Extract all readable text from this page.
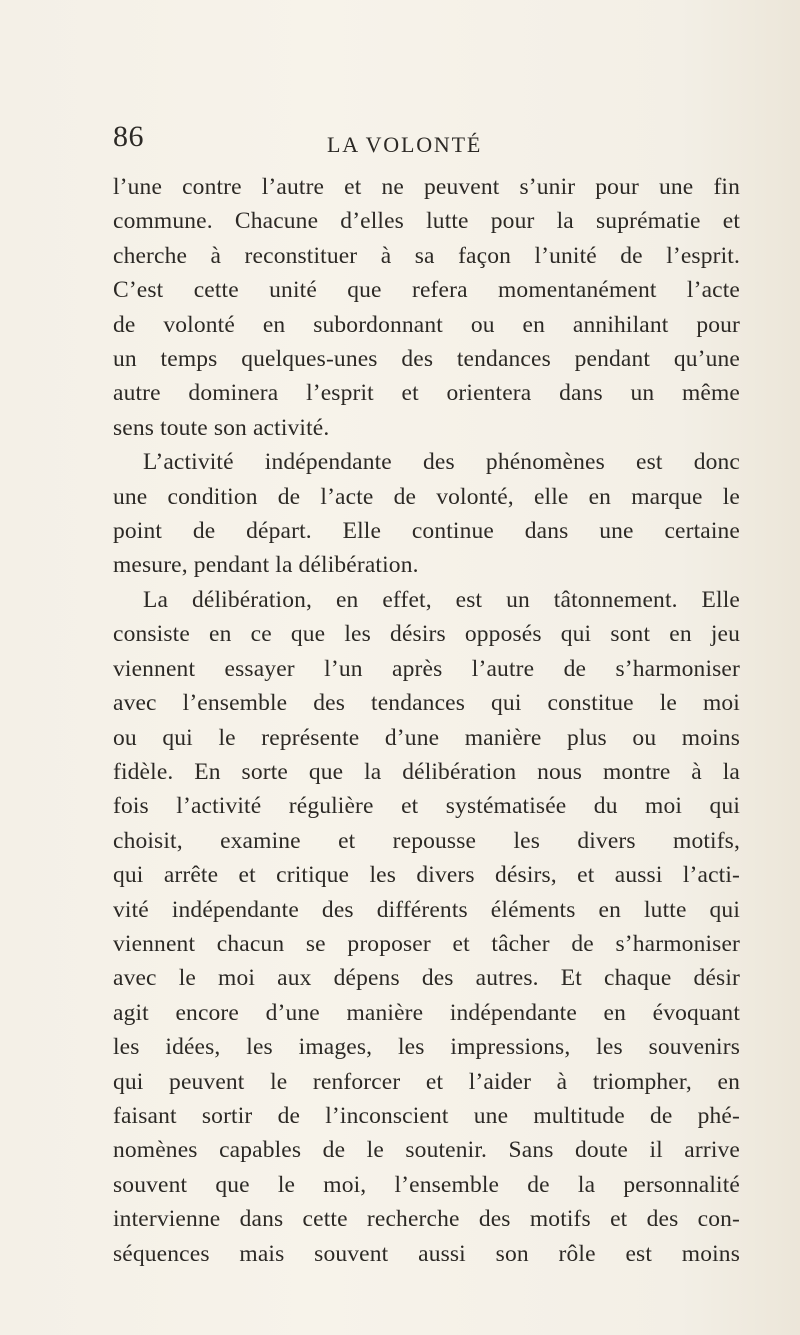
86	LA VOLONTÉ
l’une contre l’autre et ne peuvent s’unir pour une fin
commune. Chacune d’elles lutte pour la suprématie et
cherche à reconstituer à sa façon l’unité de l’esprit.
C’est cette unité que refera momentanément l’acte
de volonté en subordonnant ou en annihilant pour
un temps quelques-unes des tendances pendant qu’une
autre dominera l’esprit et orientera dans un même
sens toute son activité.
L’activité indépendante des phénomènes est donc
une condition de l’acte de volonté, elle en marque le
point de départ. Elle continue dans une certaine
mesure, pendant la délibération.
La délibération, en effet, est un tâtonnement. Elle
consiste en ce que les désirs opposés qui sont en jeu
viennent essayer l’un après l’autre de s’harmoniser
avec l’ensemble des tendances qui constitue le moi
ou qui le représente d’une manière plus ou moins
fidèle. En sorte que la délibération nous montre à la
fois l’activité régulière et systématisée du moi qui
choisit, examine et repousse les divers motifs,
qui arrête et critique les divers désirs, et aussi l’acti-
vité indépendante des différents éléments en lutte qui
viennent chacun se proposer et tâcher de s’harmoniser
avec le moi aux dépens des autres. Et chaque désir
agit encore d’une manière indépendante en évoquant
les idées, les images, les impressions, les souvenirs
qui peuvent le renforcer et l’aider à triompher, en
faisant sortir de l’inconscient une multitude de phé-
nomènes capables de le soutenir. Sans doute il arrive
souvent que le moi, l’ensemble de la personnalité
intervienne dans cette recherche des motifs et des con-
séquences mais souvent aussi son rôle est moins
